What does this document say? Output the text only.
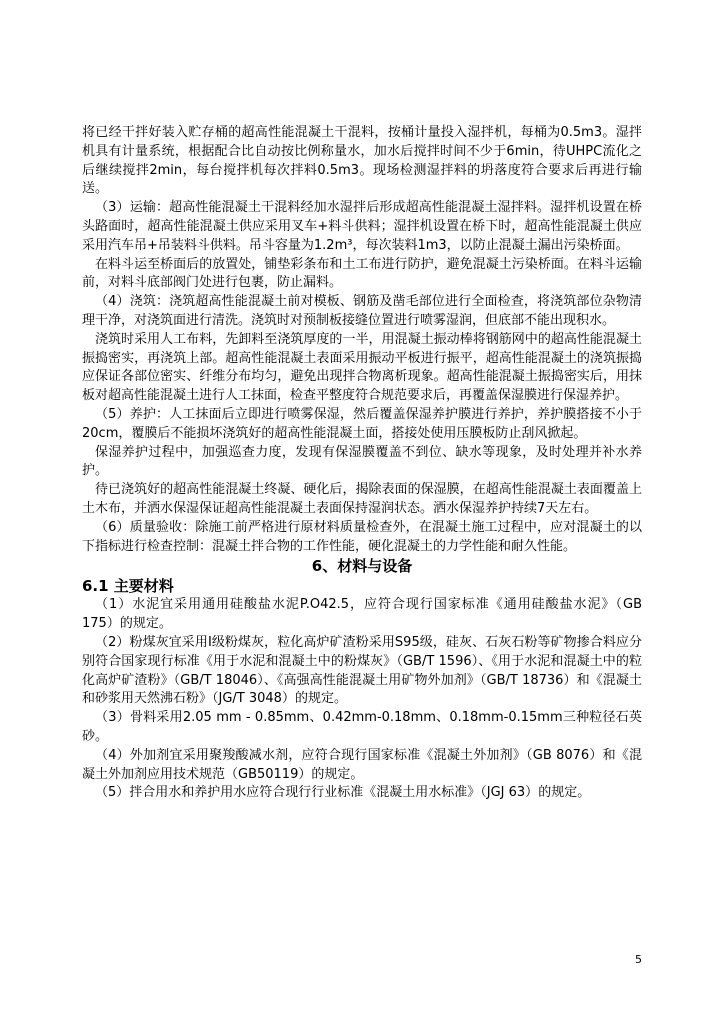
将已经干拌好装入贮存桶的超高性能混凝土干混料，按桶计量投入湿拌机，每桶为0.5m3。湿拌机具有计量系统，根据配合比自动按比例称量水，加水后搅拌时间不少于6min，待UHPC流化之后继续搅拌2min，每台搅拌机每次拌料0.5m3。现场检测湿拌料的坍落度符合要求后再进行输送。

（3）运输：超高性能混凝土干混料经加水湿拌后形成超高性能混凝土湿拌料。湿拌机设置在桥头路面时，超高性能混凝土供应采用叉车+料斗供料；湿拌机设置在桥下时，超高性能混凝土供应采用汽车吊+吊装料斗供料。吊斗容量为1.2m³，每次装料1m3，以防止混凝土漏出污染桥面。

在料斗运至桥面后的放置处，铺垫彩条布和土工布进行防护，避免混凝土污染桥面。在料斗运输前，对料斗底部阀门处进行包裹，防止漏料。

（4）浇筑：浇筑超高性能混凝土前对模板、钢筋及凿毛部位进行全面检查，将浇筑部位杂物清理干净，对浇筑面进行清洗。浇筑时对预制板接缝位置进行喷雾湿润，但底部不能出现积水。

浇筑时采用人工布料，先卸料至浇筑厚度的一半，用混凝土振动棒将钢筋网中的超高性能混凝土振捣密实，再浇筑上部。超高性能混凝土表面采用振动平板进行振平，超高性能混凝土的浇筑振捣应保证各部位密实、纤维分布均匀，避免出现拌合物离析现象。超高性能混凝土振捣密实后，用抹板对超高性能混凝土进行人工抹面，检查平整度符合规范要求后，再覆盖保湿膜进行保湿养护。

（5）养护：人工抹面后立即进行喷雾保湿，然后覆盖保湿养护膜进行养护，养护膜搭接不小于20cm，覆膜后不能损坏浇筑好的超高性能混凝土面，搭接处使用压膜板防止刮风掀起。

保湿养护过程中，加强巡查力度，发现有保湿膜覆盖不到位、缺水等现象，及时处理并补水养护。

待已浇筑好的超高性能混凝土终凝、硬化后，揭除表面的保湿膜，在超高性能混凝土表面覆盖上土木布，并洒水保湿保证超高性能混凝土表面保持湿润状态。洒水保湿养护持续7天左右。

（6）质量验收：除施工前严格进行原材料质量检查外，在混凝土施工过程中，应对混凝土的以下指标进行检查控制：混凝土拌合物的工作性能，硬化混凝土的力学性能和耐久性能。

6、材料与设备

6.1 主要材料

（1）水泥宜采用通用硅酸盐水泥P.O42.5，应符合现行国家标准《通用硅酸盐水泥》（GB 175）的规定。

（2）粉煤灰宜采用Ⅰ级粉煤灰，粒化高炉矿渣粉采用S95级，硅灰、石灰石粉等矿物掺合料应分别符合国家现行标准《用于水泥和混凝土中的粉煤灰》（GB/T 1596）、《用于水泥和混凝土中的粒化高炉矿渣粉》（GB/T 18046）、《高强高性能混凝土用矿物外加剂》（GB/T 18736）和《混凝土和砂浆用天然沸石粉》（JG/T 3048）的规定。

（3）骨料采用2.05 mm - 0.85mm、0.42mm-0.18mm、0.18mm-0.15mm三种粒径石英砂。

（4）外加剂宜采用聚羧酸减水剂，应符合现行国家标准《混凝土外加剂》（GB 8076）和《混凝土外加剂应用技术规范（GB50119）的规定。

（5）拌合用水和养护用水应符合现行行业标准《混凝土用水标准》（JGJ 63）的规定。

5
